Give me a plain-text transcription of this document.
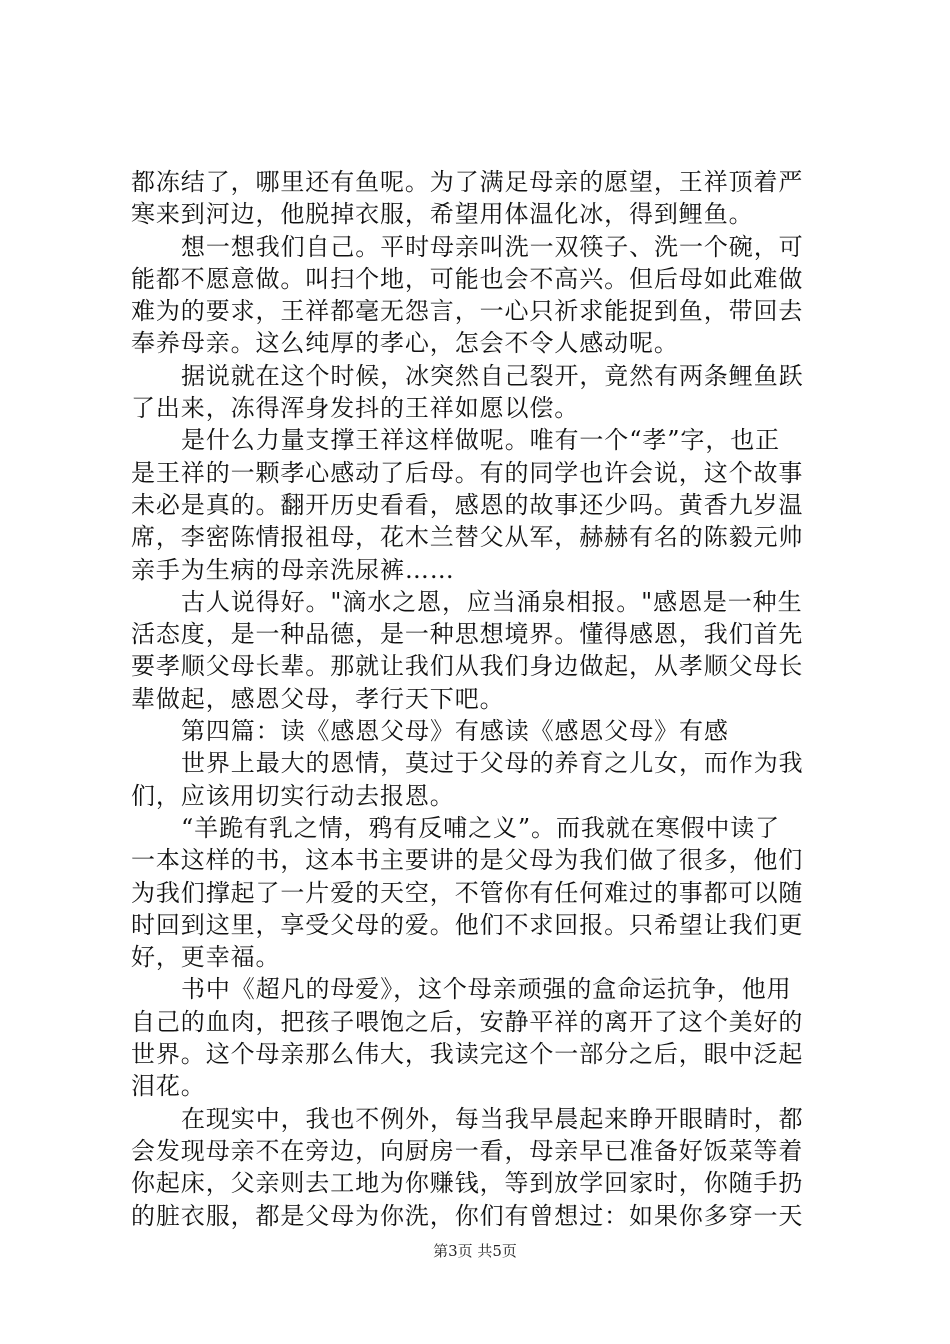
都冻结了，哪里还有鱼呢。为了满足母亲的愿望，王祥顶着严
寒来到河边，他脱掉衣服，希望用体温化冰，得到鲤鱼。
想一想我们自己。平时母亲叫洗一双筷子、洗一个碗，可
能都不愿意做。叫扫个地，可能也会不高兴。但后母如此难做
难为的要求，王祥都毫无怨言，一心只祈求能捉到鱼，带回去
奉养母亲。这么纯厚的孝心，怎会不令人感动呢。
据说就在这个时候，冰突然自己裂开，竟然有两条鲤鱼跃
了出来，冻得浑身发抖的王祥如愿以偿。
是什么力量支撑王祥这样做呢。唯有一个“孝”字，也正
是王祥的一颗孝心感动了后母。有的同学也许会说，这个故事
未必是真的。翻开历史看看，感恩的故事还少吗。黄香九岁温
席，李密陈情报祖母，花木兰替父从军，赫赫有名的陈毅元帅
亲手为生病的母亲洗尿裤……
古人说得好。"滴水之恩，应当涌泉相报。"感恩是一种生
活态度，是一种品德，是一种思想境界。懂得感恩，我们首先
要孝顺父母长辈。那就让我们从我们身边做起，从孝顺父母长
辈做起，感恩父母，孝行天下吧。
第四篇：读《感恩父母》有感读《感恩父母》有感
世界上最大的恩情，莫过于父母的养育之儿女，而作为我
们，应该用切实行动去报恩。
“羊跪有乳之情，鸦有反哺之义”。而我就在寒假中读了
一本这样的书，这本书主要讲的是父母为我们做了很多，他们
为我们撑起了一片爱的天空，不管你有任何难过的事都可以随
时回到这里，享受父母的爱。他们不求回报。只希望让我们更
好，更幸福。
书中《超凡的母爱》，这个母亲顽强的盒命运抗争，他用
自己的血肉，把孩子喂饱之后，安静平祥的离开了这个美好的
世界。这个母亲那么伟大，我读完这个一部分之后，眼中泛起
泪花。
在现实中，我也不例外，每当我早晨起来睁开眼睛时，都
会发现母亲不在旁边，向厨房一看，母亲早已准备好饭菜等着
你起床，父亲则去工地为你赚钱，等到放学回家时，你随手扔
的脏衣服，都是父母为你洗，你们有曾想过：如果你多穿一天
第3页 共5页
